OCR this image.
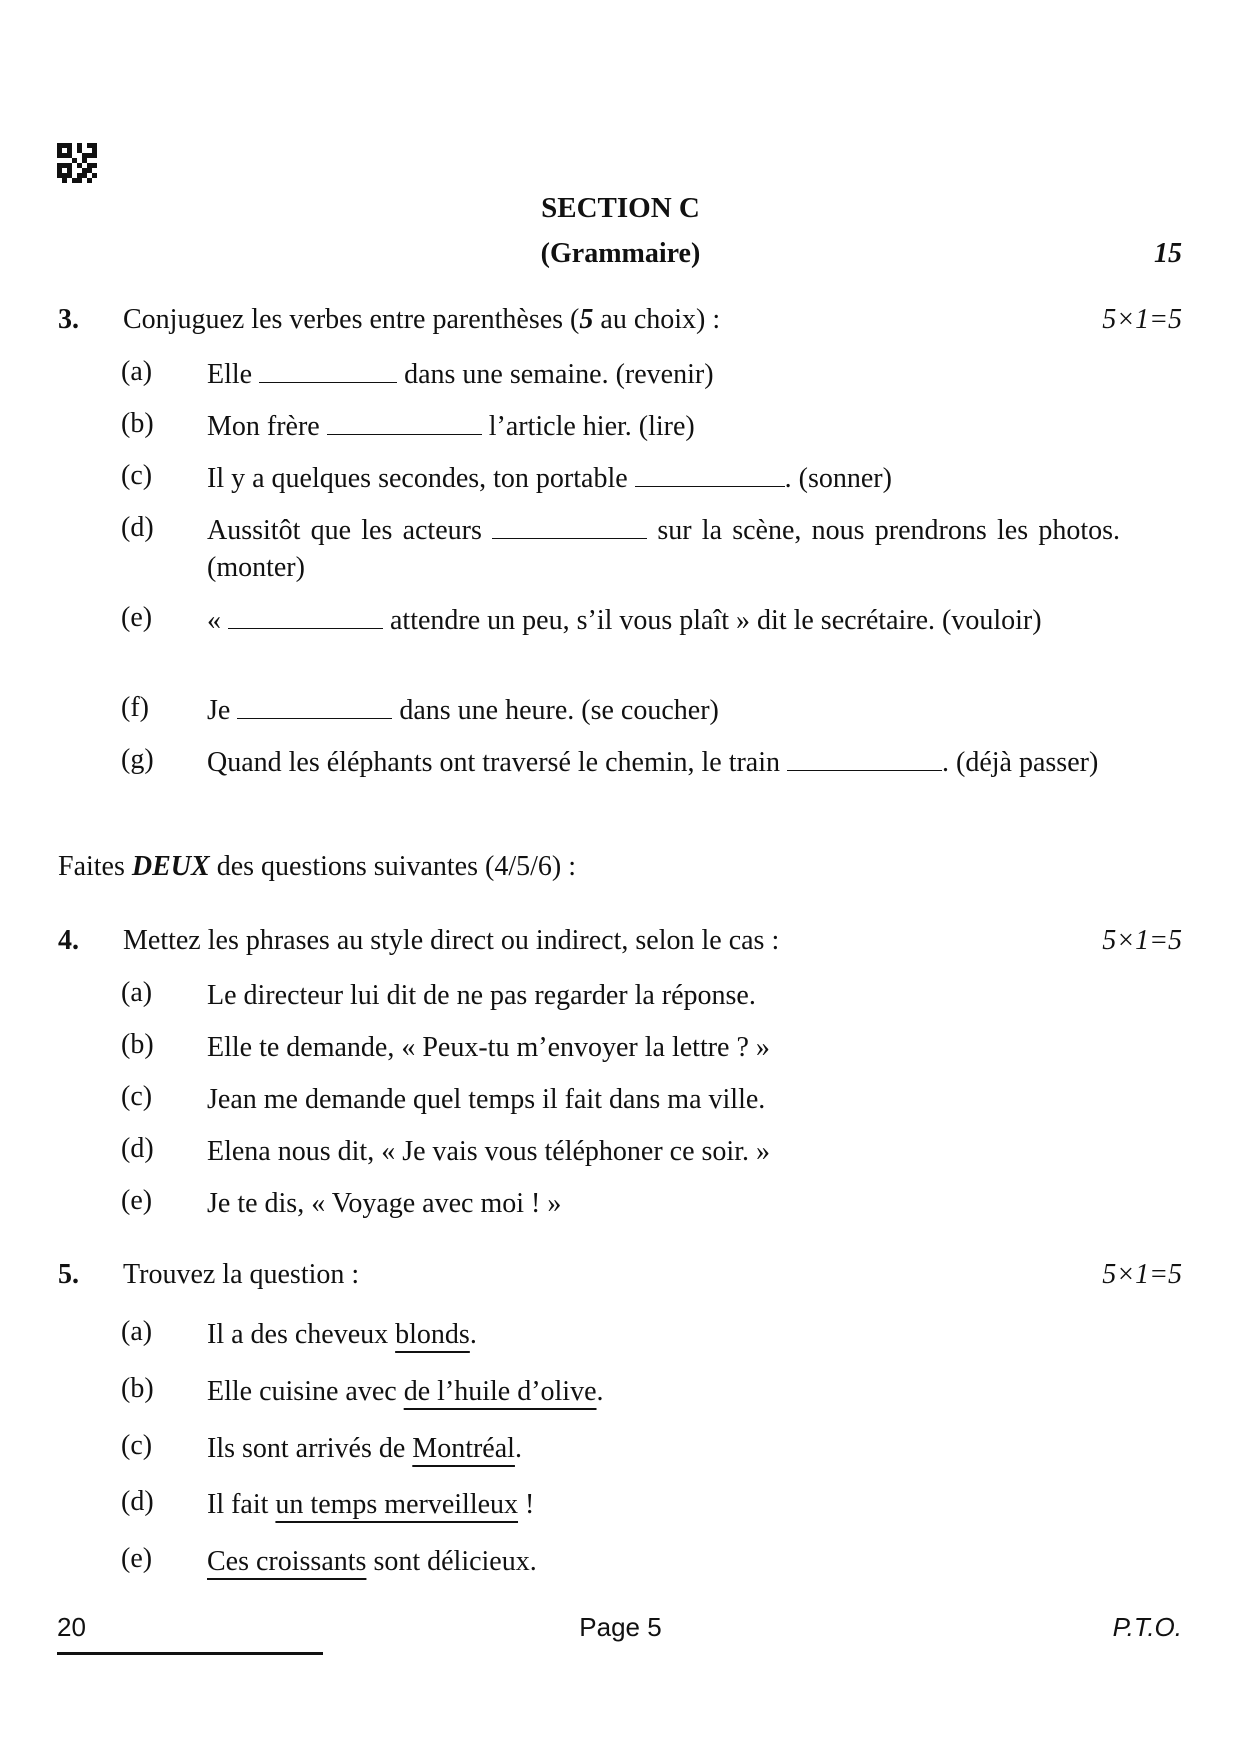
SECTION C
(Grammaire)	15
3. Conjuguez les verbes entre parenthèses (5 au choix) :	5×1=5
(a) Elle	dans une semaine. (revenir)
(b) Mon frère	l’article hier. (lire)
(c) Il y a quelques secondes, ton portable	. (sonner)
(d) Aussitôt que les acteurs	sur la scène, nous prendrons les photos. (monter)
(e) «	attendre un peu, s’il vous plaît » dit le secrétaire. (vouloir)
(f) Je	dans une heure. (se coucher)
(g) Quand les éléphants ont traversé le chemin, le train	. (déjà passer)
Faites DEUX des questions suivantes (4/5/6) :
4. Mettez les phrases au style direct ou indirect, selon le cas :	5×1=5
(a) Le directeur lui dit de ne pas regarder la réponse.
(b) Elle te demande, « Peux-tu m’envoyer la lettre ? »
(c) Jean me demande quel temps il fait dans ma ville.
(d) Elena nous dit, « Je vais vous téléphoner ce soir. »
(e) Je te dis, « Voyage avec moi ! »
5. Trouvez la question :	5×1=5
(a) Il a des cheveux blonds.
(b) Elle cuisine avec de l’huile d’olive.
(c) Ils sont arrivés de Montréal.
(d) Il fait un temps merveilleux !
(e) Ces croissants sont délicieux.
20	Page 5	P.T.O.
